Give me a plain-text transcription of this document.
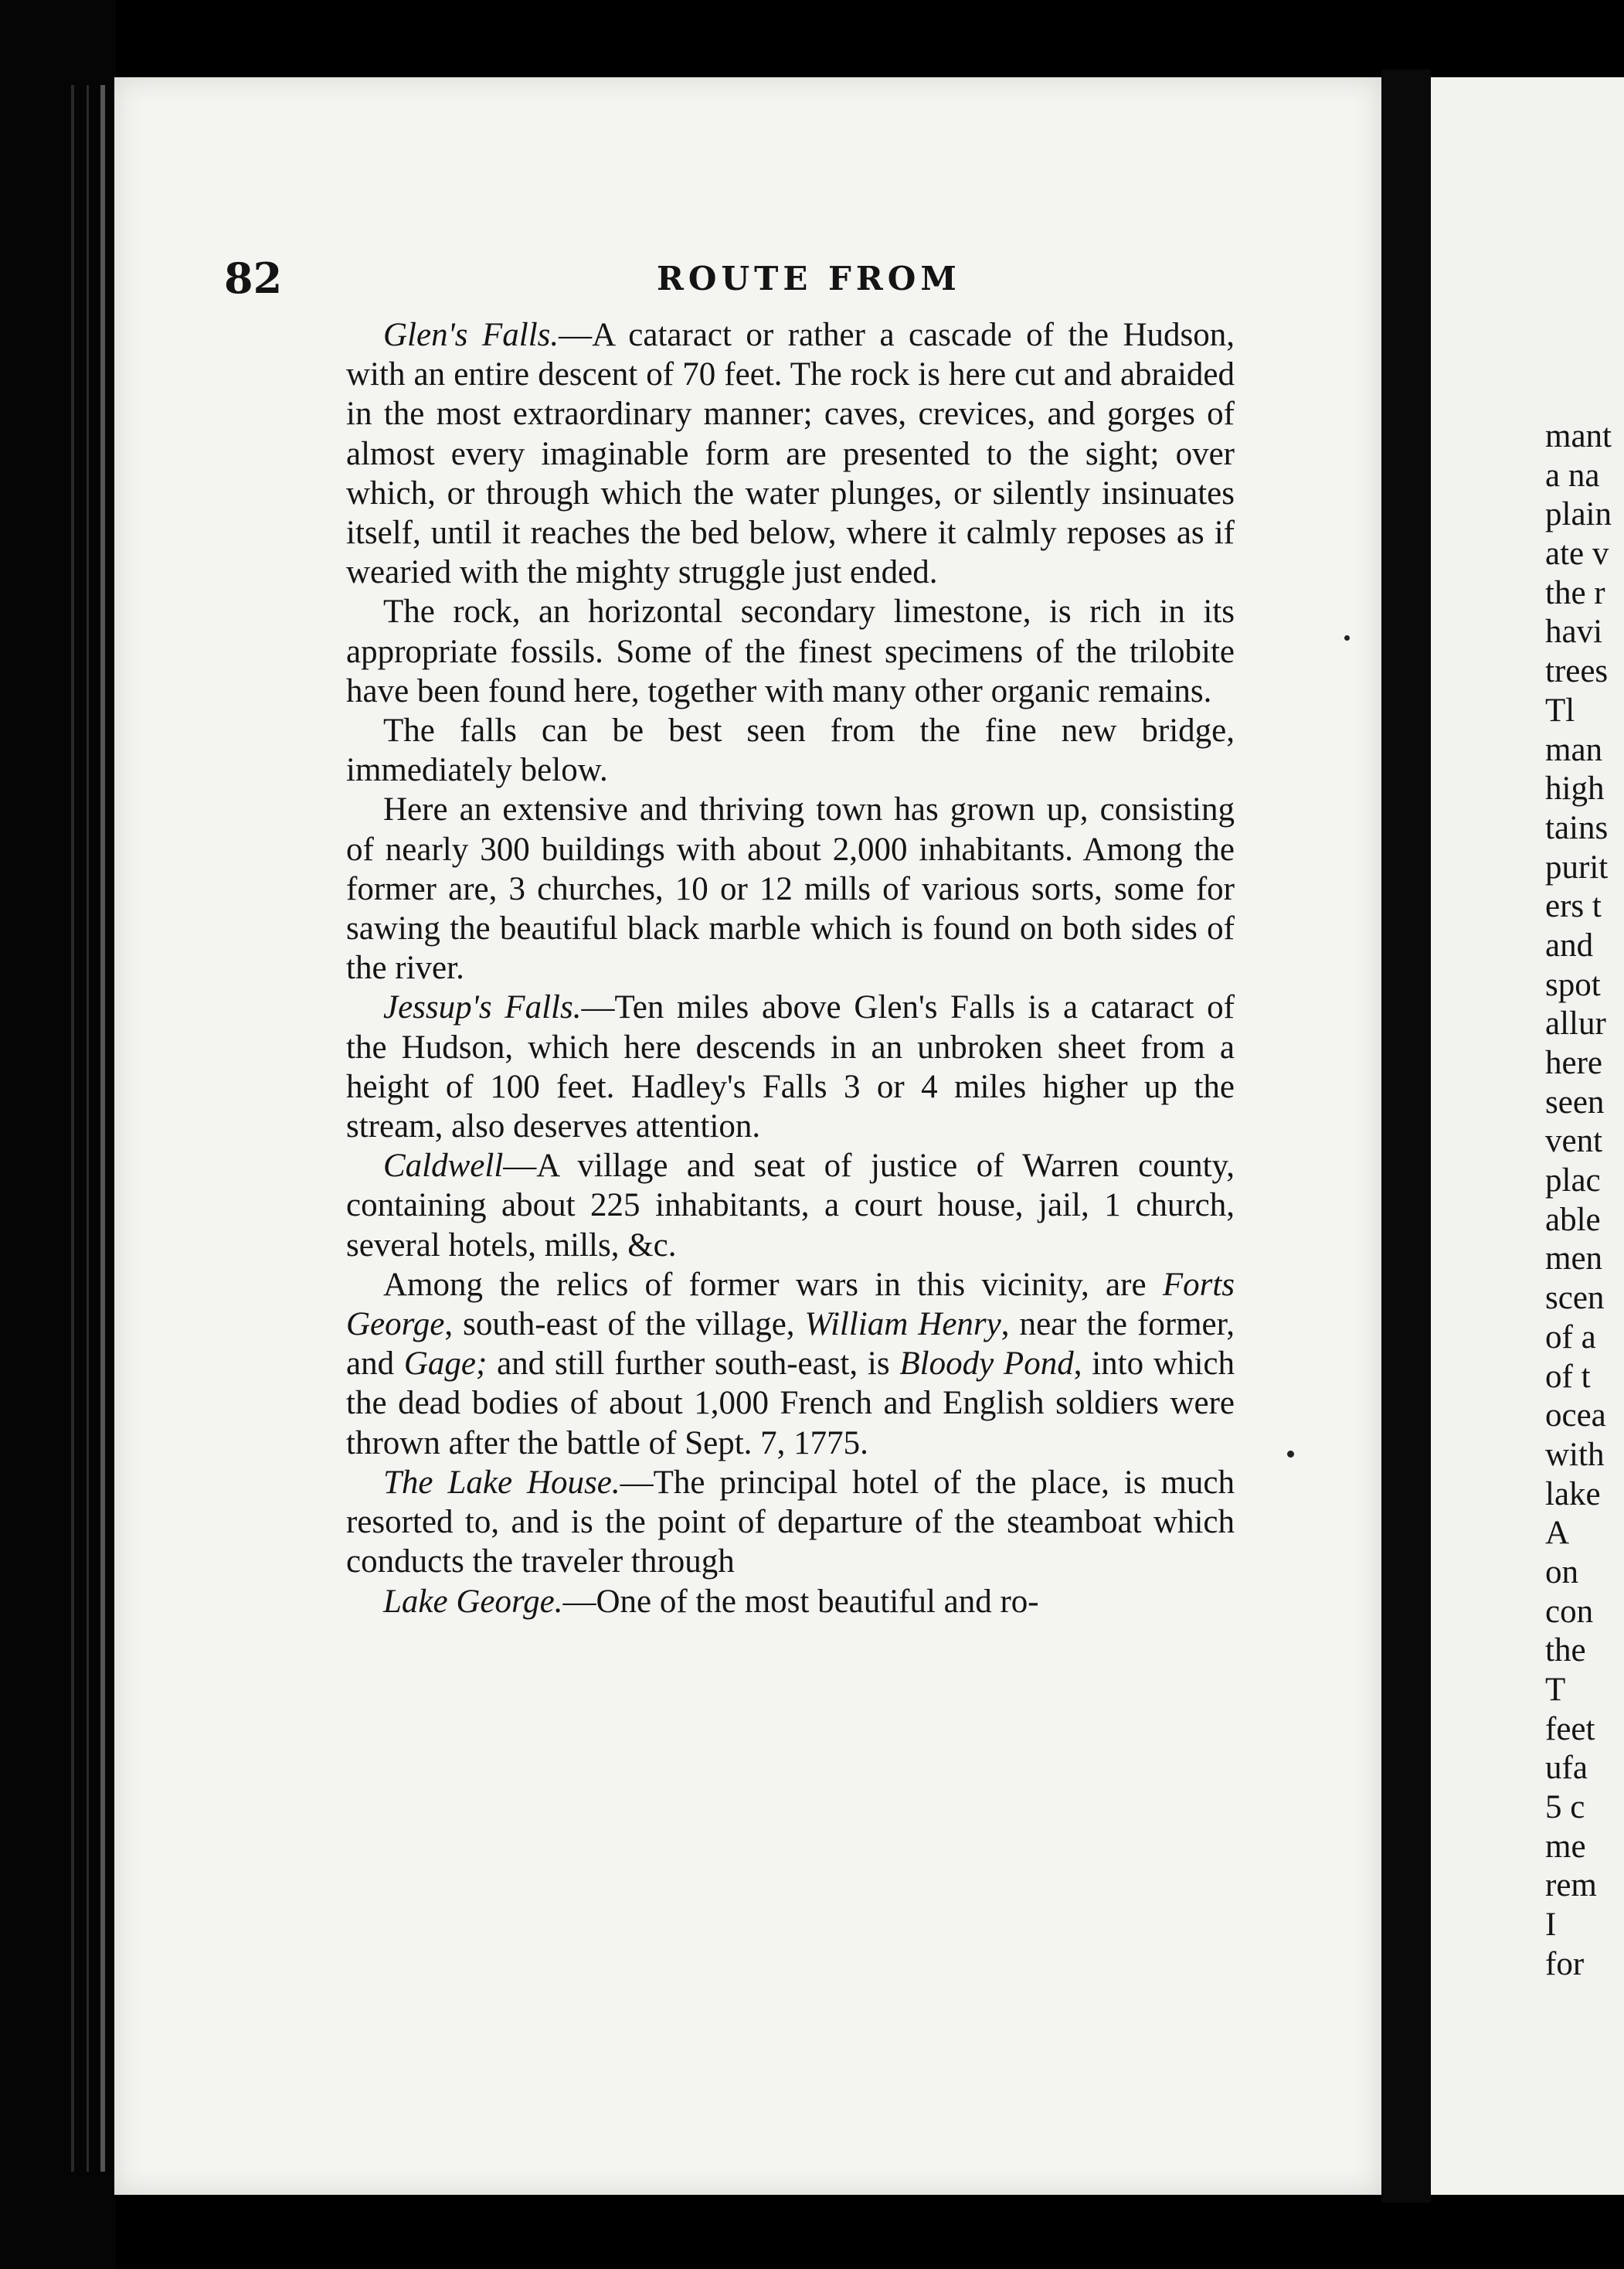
82	ROUTE FROM

Glen's Falls.—A cataract or rather a cascade of the Hudson, with an entire descent of 70 feet. The rock is here cut and abraided in the most extraordinary manner; caves, crevices, and gorges of almost every imaginable form are presented to the sight; over which, or through which the water plunges, or silently insinuates itself, until it reaches the bed below, where it calmly reposes as if wearied with the mighty struggle just ended.

The rock, an horizontal secondary limestone, is rich in its appropriate fossils. Some of the finest specimens of the trilobite have been found here, together with many other organic remains.

The falls can be best seen from the fine new bridge, immediately below.

Here an extensive and thriving town has grown up, consisting of nearly 300 buildings with about 2,000 inhabitants. Among the former are, 3 churches, 10 or 12 mills of various sorts, some for sawing the beautiful black marble which is found on both sides of the river.

Jessup's Falls.—Ten miles above Glen's Falls is a cataract of the Hudson, which here descends in an unbroken sheet from a height of 100 feet. Hadley's Falls 3 or 4 miles higher up the stream, also deserves attention.

Caldwell—A village and seat of justice of Warren county, containing about 225 inhabitants, a court house, jail, 1 church, several hotels, mills, &c.

Among the relics of former wars in this vicinity, are Forts George, south-east of the village, William Henry, near the former, and Gage; and still further south-east, is Bloody Pond, into which the dead bodies of about 1,000 French and English soldiers were thrown after the battle of Sept. 7, 1775.

The Lake House.—The principal hotel of the place, is much resorted to, and is the point of departure of the steamboat which conducts the traveler through

Lake George.—One of the most beautiful and ro-

mant
a na
plain
ate v
the r
havi
trees
Tl
man
high
tains
purit
ers t
and
spot
allur
here
seen
vent
plac
able
men
scen
of a
of t
ocea
with
lake
A
on
con
the
T
feet
ufa
5 c
me
rem
I
for
